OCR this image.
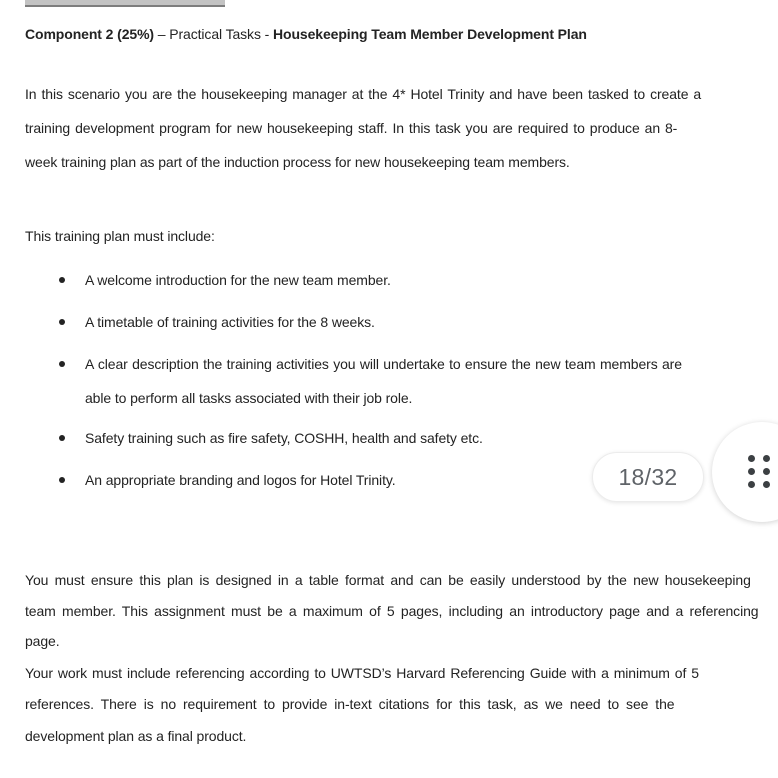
Component 2 (25%) – Practical Tasks - Housekeeping Team Member Development Plan
In this scenario you are the housekeeping manager at the 4* Hotel Trinity and have been tasked to create a
training development program for new housekeeping staff. In this task you are required to produce an 8-
week training plan as part of the induction process for new housekeeping team members.
This training plan must include:
A welcome introduction for the new team member.
A timetable of training activities for the 8 weeks.
A clear description the training activities you will undertake to ensure the new team members are
able to perform all tasks associated with their job role.
Safety training such as fire safety, COSHH, health and safety etc.
An appropriate branding and logos for Hotel Trinity.
You must ensure this plan is designed in a table format and can be easily understood by the new housekeeping
team member. This assignment must be a maximum of 5 pages, including an introductory page and a referencing
page.
Your work must include referencing according to UWTSD’s Harvard Referencing Guide with a minimum of 5
references. There is no requirement to provide in-text citations for this task, as we need to see the
development plan as a final product.
18/32
